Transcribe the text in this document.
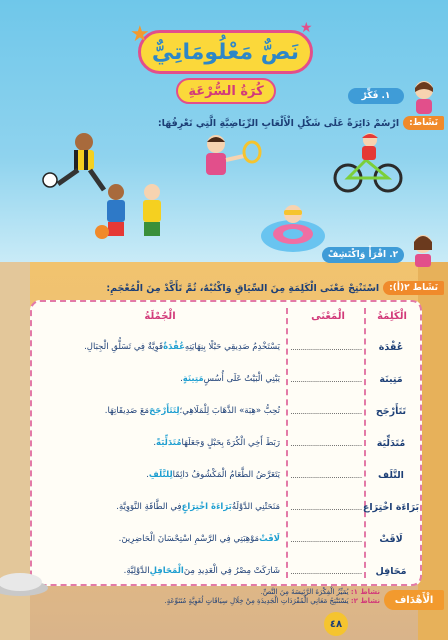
نَصٌّ مَعْلُومَاتِيٌّ
كُرَةُ السُّرْعَةِ
★	★
١. فَكِّرْ
نَشَاط:
ارْسُمْ دَائِرَةً عَلَى شَكْلِ الْأَلْعَابِ الرِّيَاضِيَّةِ الَّتِي تَعْرِفُهَا:
٢. اقْرَأْ وَاكْتَشِفْ
نَشَاط ٢(أ):
اسْتَنْتِجْ مَعْنَى الْكَلِمَةِ مِنَ السِّيَاقِ وَاكْتُبْهُ، ثُمَّ تَأَكَّدْ مِنَ الْمُعْجَمِ:
الْكَلِمَةُ
الْمَعْنَى
الْجُمْلَةُ
عُقْدَة
...................................
يَسْتَخْدِمُ صَدِيقِي حَبْلًا بِنِهَايَتِهِ
عُقْدَةٌ
قَوِيَّةٌ فِي تَسَلُّقِ الْجِبَالِ.
مَتِينَة
...................................
يَبْنِي الْبَيْتُ عَلَى أُسُسٍ
مَتِينَةٍ
.
تَتَأَرْجَح
...................................
تُحِبُّ «هِبَة» الذَّهَابَ لِلْمَلَاهِي؛
لِتَتَأَرْجَحَ
مَعَ صَدِيقَاتِهَا.
مُتَدَلِّيَة
...................................
رَبَطَ أَخِي الْكُرَةَ بِحَبْلٍ وَجَعَلَهَا
مُتَدَلِّيَةً
.
التَّلَف
...................................
يَتَعَرَّضُ الطَّعَامُ الْمَكْشُوفُ دَائِمًا
لِلتَّلَفِ
.
بَرَاءَة اخْتِرَاع
...................................
مَنَحَتْنِي الدَّوْلَةُ
بَرَاءَةَ اخْتِرَاعٍ
فِي الطَّاقَةِ النَّوَوِيَّةِ.
لَاقَتْ
...................................
لَاقَتْ
مَوْهِبَتِي فِي الرَّسْمِ اسْتِحْسَانَ الْحَاضِرِينَ.
مَحَافِل
...................................
شَارَكَتْ مِصْرُ فِي الْعَدِيدِ مِنَ
الْمَحَافِلِ
الدَّوْلِيَّةِ.
الْأَهْدَاف
نشاط ١: يُمَيِّزُ الْفِكْرَةَ الرَّئِيسَةَ مِنَ النَّصِّ.
نشاط ٢: يَسْتَنْتِجُ مَعَانِي الْمُفْرَدَاتِ الْجَدِيدَةِ مِنْ خِلَالِ سِيَاقَاتٍ لُغَوِيَّةٍ مُتَنَوِّعَةٍ.
٤٨
